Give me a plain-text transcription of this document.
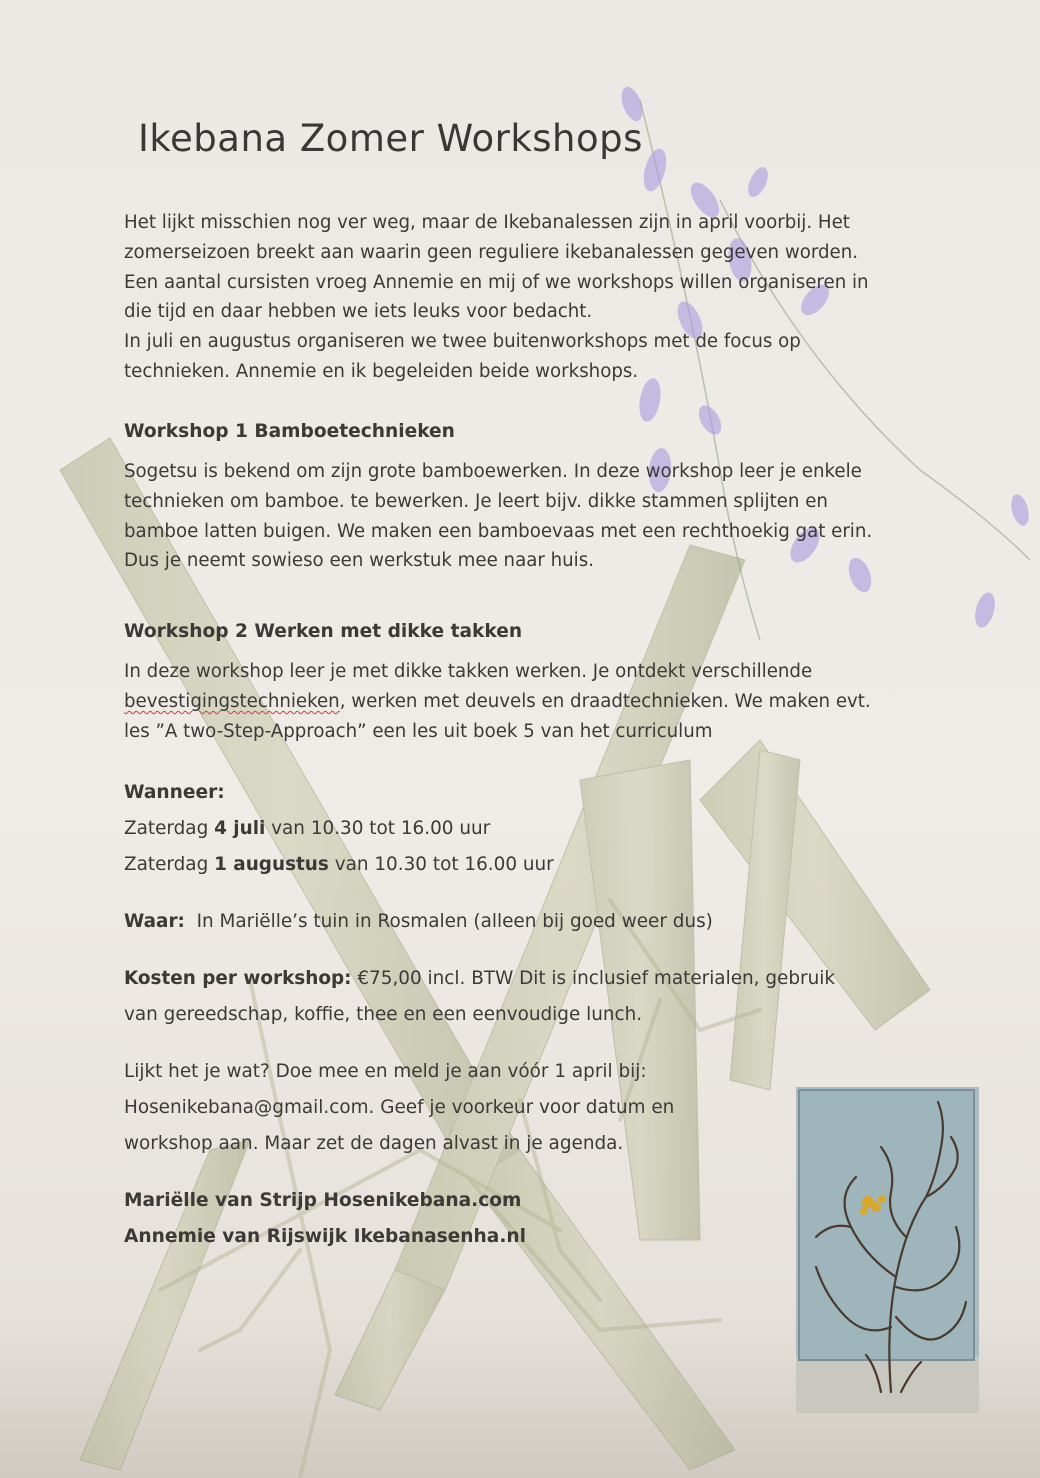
Ikebana Zomer Workshops

Het lijkt misschien nog ver weg, maar de Ikebanalessen zijn in april voorbij. Het

zomerseizoen breekt aan waarin geen reguliere ikebanalessen gegeven worden.

Een aantal cursisten vroeg Annemie en mij of we workshops willen organiseren in

die tijd en daar hebben we iets leuks voor bedacht.

In juli en augustus organiseren we twee buitenworkshops met de focus op

technieken. Annemie en ik begeleiden beide workshops.

Workshop 1 Bamboetechnieken

Sogetsu is bekend om zijn grote bamboewerken. In deze workshop leer je enkele

technieken om bamboe. te bewerken. Je leert bijv. dikke stammen splijten en

bamboe latten buigen. We maken een bamboevaas met een rechthoekig gat erin.

Dus je neemt sowieso een werkstuk mee naar huis.

Workshop 2 Werken met dikke takken

In deze workshop leer je met dikke takken werken. Je ontdekt verschillende

bevestigingstechnieken, werken met deuvels en draadtechnieken. We maken evt.

les ”A two-Step-Approach” een les uit boek 5 van het curriculum

Wanneer:

Zaterdag 4 juli van 10.30 tot 16.00 uur

Zaterdag 1 augustus van 10.30 tot 16.00 uur

Waar:  In Mariëlle’s tuin in Rosmalen (alleen bij goed weer dus)

Kosten per workshop: €75,00 incl. BTW Dit is inclusief materialen, gebruik

van gereedschap, koffie, thee en een eenvoudige lunch.

Lijkt het je wat? Doe mee en meld je aan vóór 1 april bij:

Hosenikebana@gmail.com. Geef je voorkeur voor datum en

workshop aan. Maar zet de dagen alvast in je agenda.

Mariëlle van Strijp Hosenikebana.com

Annemie van Rijswijk Ikebanasenha.nl
